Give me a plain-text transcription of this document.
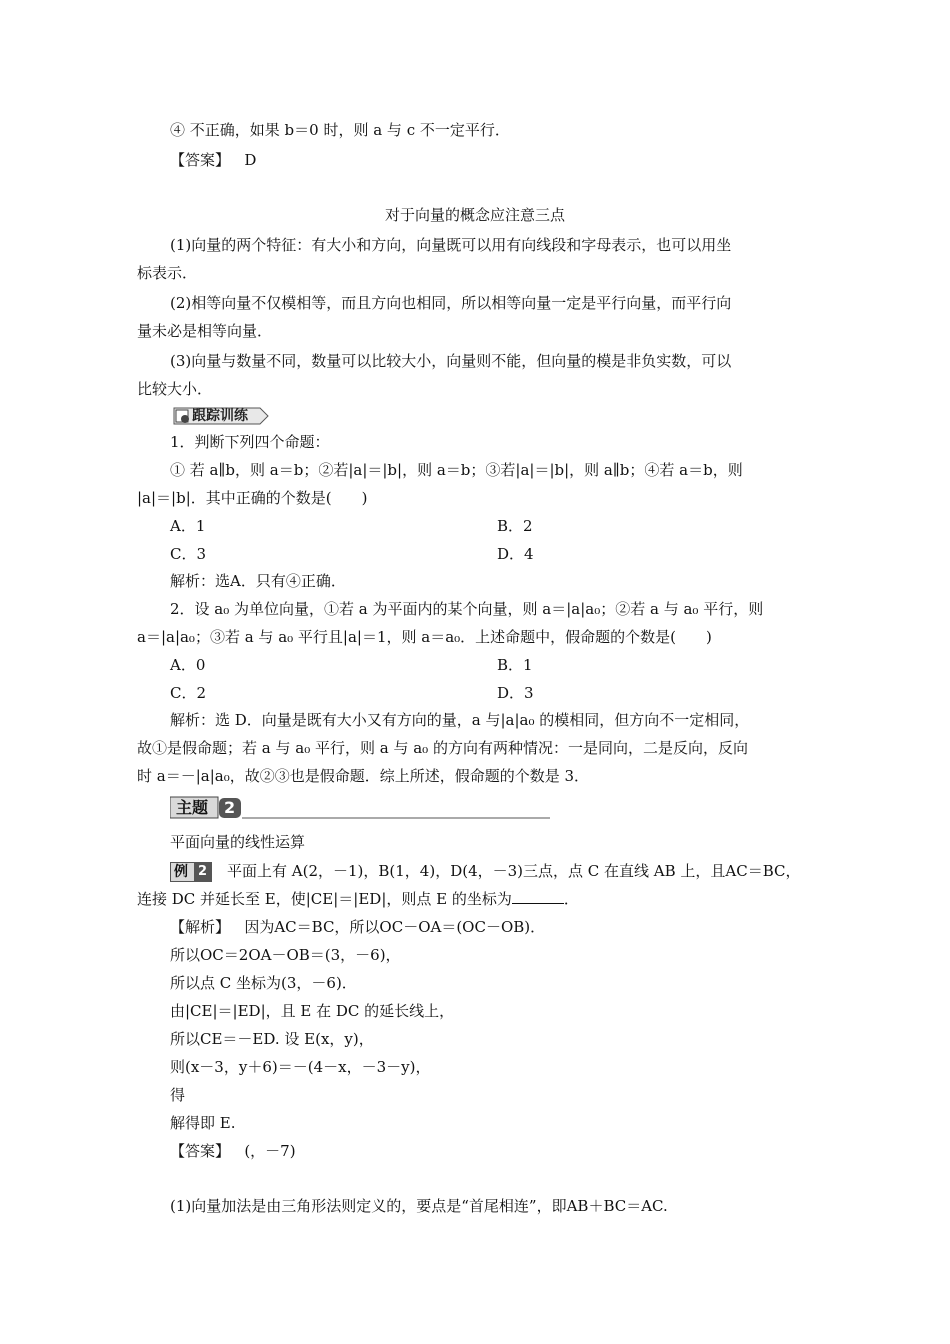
④ 不正确，如果 b＝0 时，则 a 与 c 不一定平行．
【答案】 D
对于向量的概念应注意三点
(1)向量的两个特征：有大小和方向，向量既可以用有向线段和字母表示，也可以用坐
标表示．
(2)相等向量不仅模相等，而且方向也相同，所以相等向量一定是平行向量，而平行向
量未必是相等向量．
(3)向量与数量不同，数量可以比较大小，向量则不能，但向量的模是非负实数，可以
比较大小．
跟踪训练
1．判断下列四个命题：
① 若 a∥b，则 a＝b；②若|a|＝|b|，则 a＝b；③若|a|＝|b|，则 a∥b；④若 a＝b，则
|a|＝|b|．其中正确的个数是(　　)
A．1	B．2
C．3	D．4
解析：选A．只有④正确．
2．设 a₀ 为单位向量，①若 a 为平面内的某个向量，则 a＝|a|a₀；②若 a 与 a₀ 平行，则
a＝|a|a₀；③若 a 与 a₀ 平行且|a|＝1，则 a＝a₀．上述命题中，假命题的个数是(　　)
A．0	B．1
C．2	D．3
解析：选 D．向量是既有大小又有方向的量，a 与|a|a₀ 的模相同，但方向不一定相同，
故①是假命题；若 a 与 a₀ 平行，则 a 与 a₀ 的方向有两种情况：一是同向，二是反向，反向
时 a＝－|a|a₀，故②③也是假命题．综上所述，假命题的个数是 3．
主题 2
平面向量的线性运算
例 2 平面上有 A(2，－1)，B(1，4)，D(4，－3)三点，点 C 在直线 AB 上，且AC＝BC，
连接 DC 并延长至 E，使|CE|＝|ED|，则点 E 的坐标为	．
【解析】 因为AC＝BC，所以OC－OA＝(OC－OB)．
所以OC＝2OA－OB＝(3，－6)，
所以点 C 坐标为(3，－6)．
由|CE|＝|ED|，且 E 在 DC 的延长线上，
所以CE＝－ED. 设 E(x，y)，
则(x－3，y＋6)＝－(4－x，－3－y)，
得
解得即 E.
【答案】 (，－7)
(1)向量加法是由三角形法则定义的，要点是“首尾相连”，即AB＋BC＝AC.
